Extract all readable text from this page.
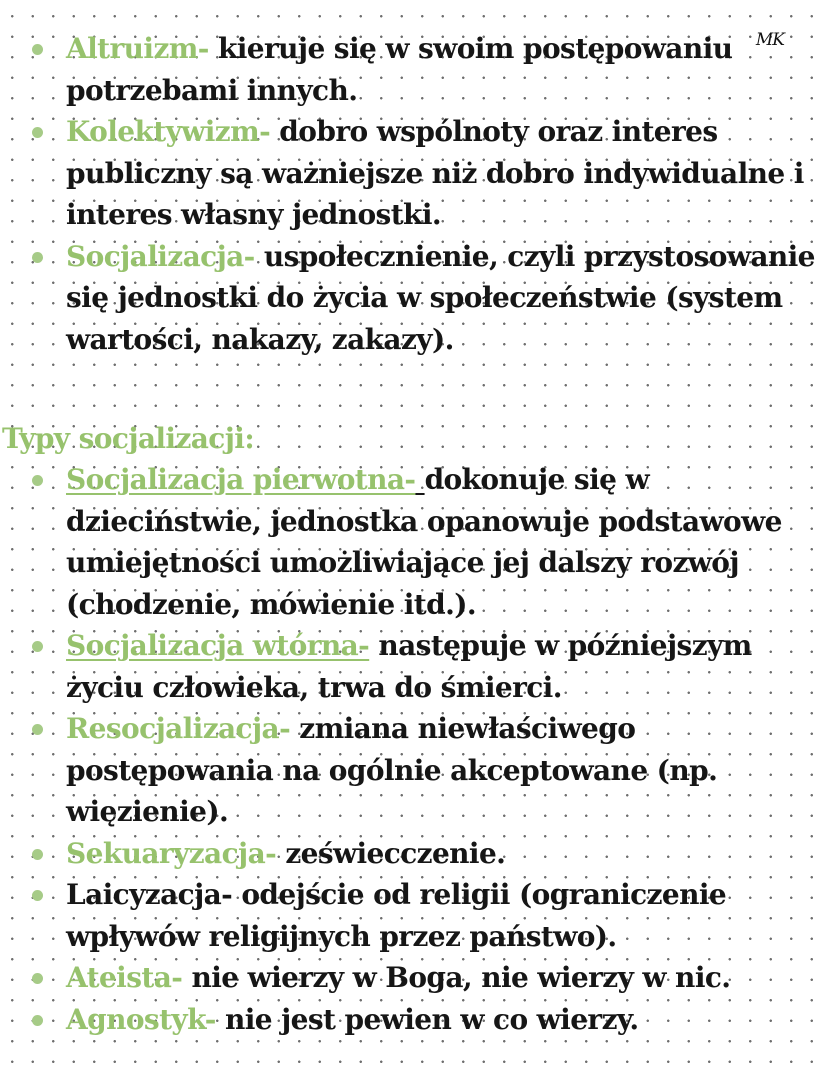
MK
Altruizm- kieruje się w swoim postępowaniu potrzebami innych.
Kolektywizm- dobro wspólnoty oraz interes publiczny są ważniejsze niż dobro indywidualne i interes własny jednostki.
Socjalizacja- uspołecznienie, czyli przystosowanie się jednostki do życia w społeczeństwie (system wartości, nakazy, zakazy).
Typy socjalizacji:
Socjalizacja pierwotna- dokonuje się w dzieciństwie, jednostka opanowuje podstawowe umiejętności umożliwiające jej dalszy rozwój (chodzenie, mówienie itd.).
Socjalizacja wtórna- następuje w późniejszym życiu człowieka, trwa do śmierci.
Resocjalizacja- zmiana niewłaściwego postępowania na ogólnie akceptowane (np. więzienie).
Sekuaryzacja- zeświecczenie.
Laicyzacja- odejście od religii (ograniczenie wpływów religijnych przez państwo).
Ateista- nie wierzy w Boga, nie wierzy w nic.
Agnostyk- nie jest pewien w co wierzy.
